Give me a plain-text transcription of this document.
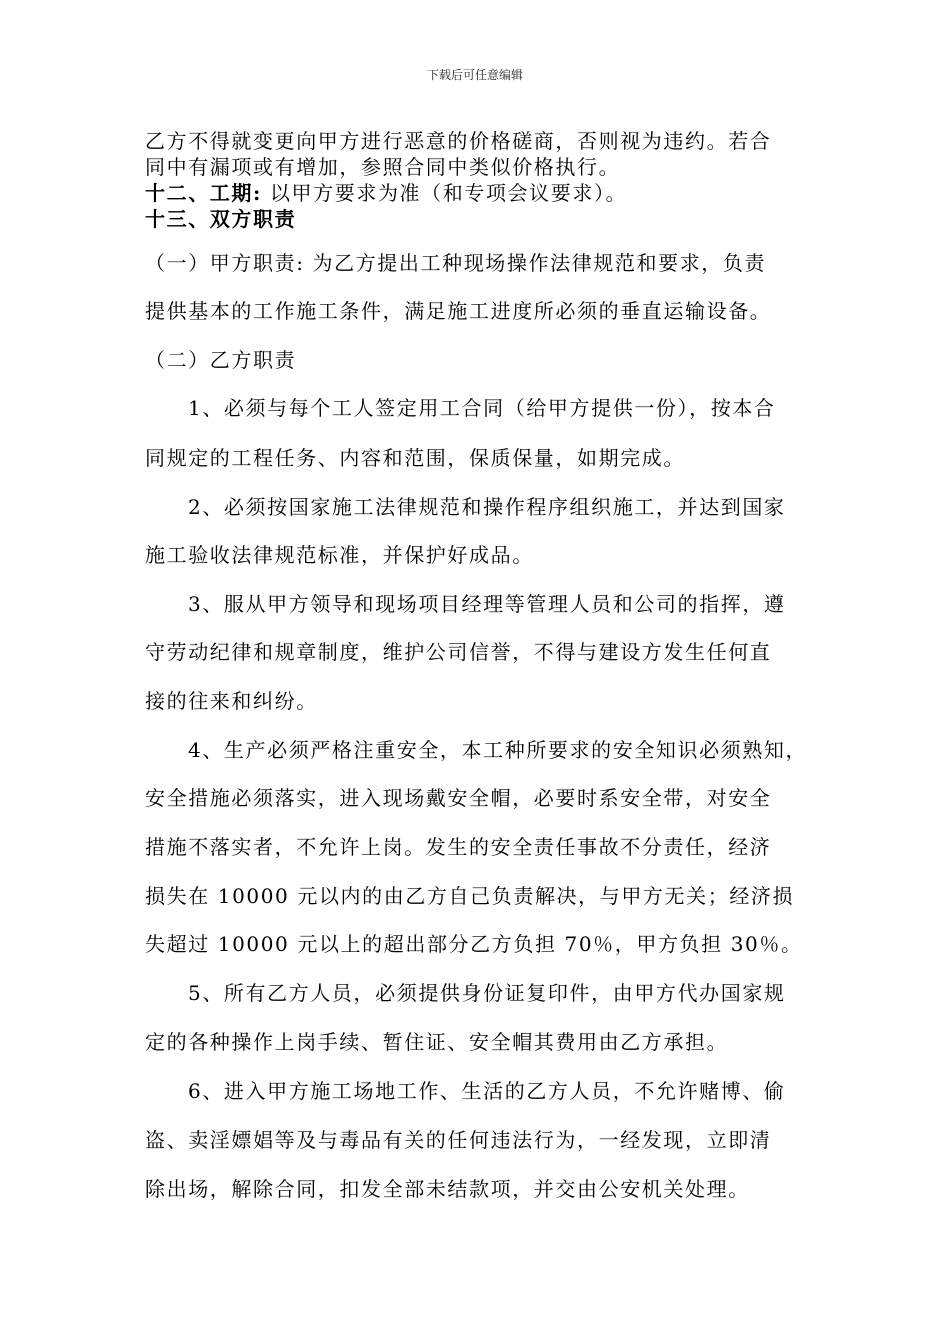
下载后可任意编辑
乙方不得就变更向甲方进行恶意的价格磋商，否则视为违约。若合
同中有漏项或有增加，参照合同中类似价格执行。
十二、工期: 以甲方要求为准（和专项会议要求）。
十三、双方职责
（一）甲方职责: 为乙方提出工种现场操作法律规范和要求，负责
提供基本的工作施工条件，满足施工进度所必须的垂直运输设备。
（二）乙方职责
1、必须与每个工人签定用工合同（给甲方提供一份），按本合
同规定的工程任务、内容和范围，保质保量，如期完成。
2、必须按国家施工法律规范和操作程序组织施工，并达到国家
施工验收法律规范标准，并保护好成品。
3、服从甲方领导和现场项目经理等管理人员和公司的指挥，遵
守劳动纪律和规章制度，维护公司信誉，不得与建设方发生任何直
接的往来和纠纷。
4、生产必须严格注重安全，本工种所要求的安全知识必须熟知，
安全措施必须落实，进入现场戴安全帽，必要时系安全带，对安全
措施不落实者，不允许上岗。发生的安全责任事故不分责任，经济
损失在 10000 元以内的由乙方自己负责解决，与甲方无关；经济损
失超过 10000 元以上的超出部分乙方负担 70％，甲方负担 30％。
5、所有乙方人员，必须提供身份证复印件，由甲方代办国家规
定的各种操作上岗手续、暂住证、安全帽其费用由乙方承担。
6、进入甲方施工场地工作、生活的乙方人员，不允许赌博、偷
盗、卖淫嫖娼等及与毒品有关的任何违法行为，一经发现，立即清
除出场，解除合同，扣发全部未结款项，并交由公安机关处理。
